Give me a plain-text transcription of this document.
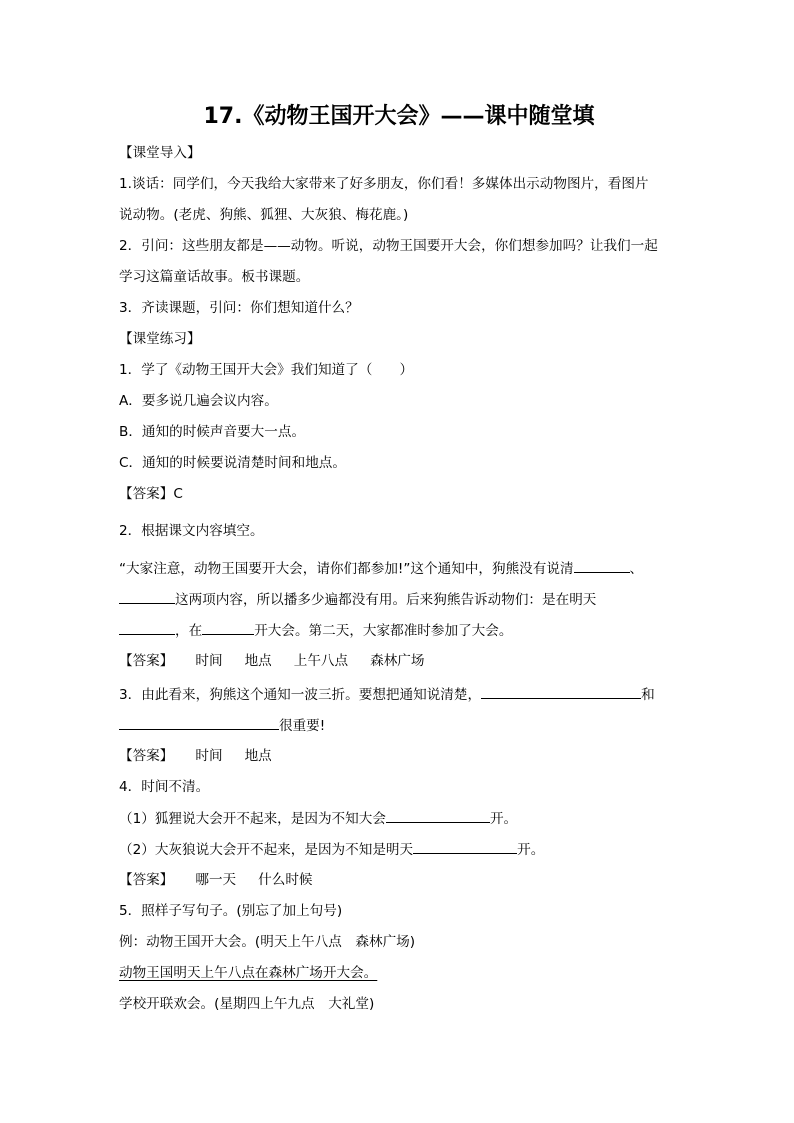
17.《动物王国开大会》——课中随堂填
【课堂导入】
1.谈话：同学们，今天我给大家带来了好多朋友，你们看！多媒体出示动物图片，看图片
说动物。(老虎、狗熊、狐狸、大灰狼、梅花鹿。)
2．引问：这些朋友都是——动物。听说，动物王国要开大会，你们想参加吗？让我们一起
学习这篇童话故事。板书课题。
3．齐读课题，引问：你们想知道什么？
【课堂练习】
1．学了《动物王国开大会》我们知道了（　　）
A．要多说几遍会议内容。
B．通知的时候声音要大一点。
C．通知的时候要说清楚时间和地点。
【答案】C
2．根据课文内容填空。
“大家注意，动物王国要开大会，请你们都参加!”这个通知中，狗熊没有说清	、
这两项内容，所以播多少遍都没有用。后来狗熊告诉动物们：是在明天
，在	开大会。第二天，大家都准时参加了大会。
【答案】 时间 地点 上午八点 森林广场
3．由此看来，狗熊这个通知一波三折。要想把通知说清楚，	和
很重要!
【答案】 时间 地点
4．时间不清。
（1）狐狸说大会开不起来，是因为不知大会	开。
（2）大灰狼说大会开不起来，是因为不知是明天	开。
【答案】 哪一天 什么时候
5．照样子写句子。(别忘了加上句号)
例：动物王国开大会。(明天上午八点　森林广场)
动物王国明天上午八点在森林广场开大会。
学校开联欢会。(星期四上午九点　大礼堂)
